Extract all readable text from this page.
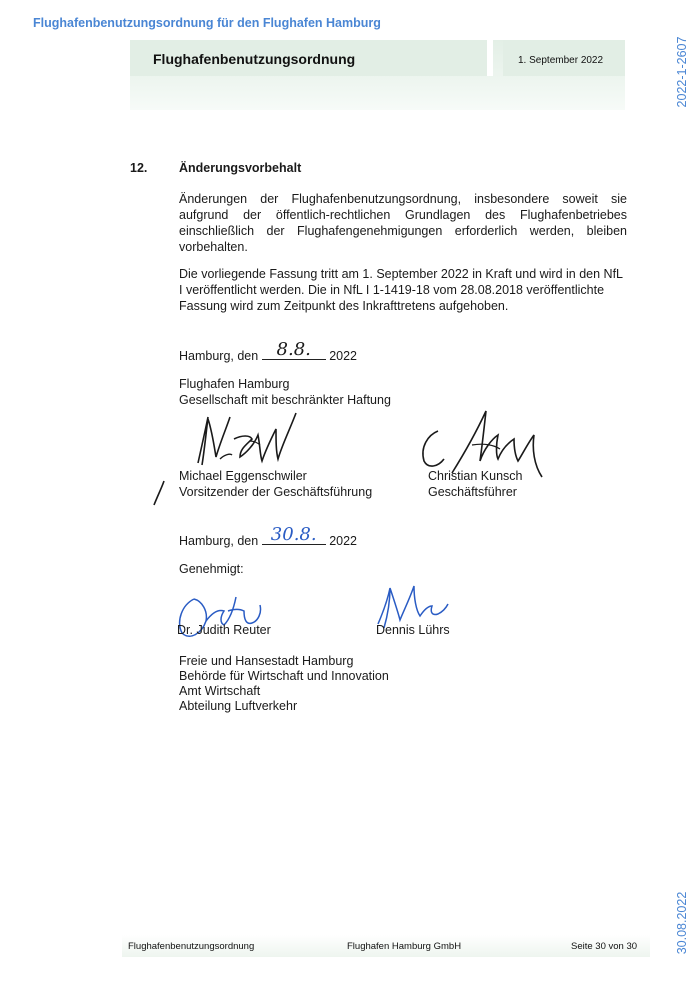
Flughafenbenutzungsordnung für den Flughafen Hamburg
Flughafenbenutzungsordnung	1. September 2022	2022-1-2607
12.	Änderungsvorbehalt
Änderungen der Flughafenbenutzungsordnung, insbesondere soweit sie aufgrund der öffentlich-rechtlichen Grundlagen des Flughafenbetriebes einschließlich der Flughafengenehmigungen erforderlich werden, bleiben vorbehalten.
Die vorliegende Fassung tritt am 1. September 2022 in Kraft und wird in den NfL I veröffentlicht werden. Die in NfL I 1-1419-18 vom 28.08.2018 veröffentlichte Fassung wird zum Zeitpunkt des Inkrafttretens aufgehoben.
Hamburg, den	8.8.	2022
Flughafen Hamburg
Gesellschaft mit beschränkter Haftung
Michael Eggenschwiler
Vorsitzender der Geschäftsführung
Christian Kunsch
Geschäftsführer
Hamburg, den 30.8.	2022
Genehmigt:
Dr. Judith Reuter	Dennis Lührs
Freie und Hansestadt Hamburg
Behörde für Wirtschaft und Innovation
Amt Wirtschaft
Abteilung Luftverkehr
30.08.2022
Flughafenbenutzungsordnung	Flughafen Hamburg GmbH	Seite 30 von 30
